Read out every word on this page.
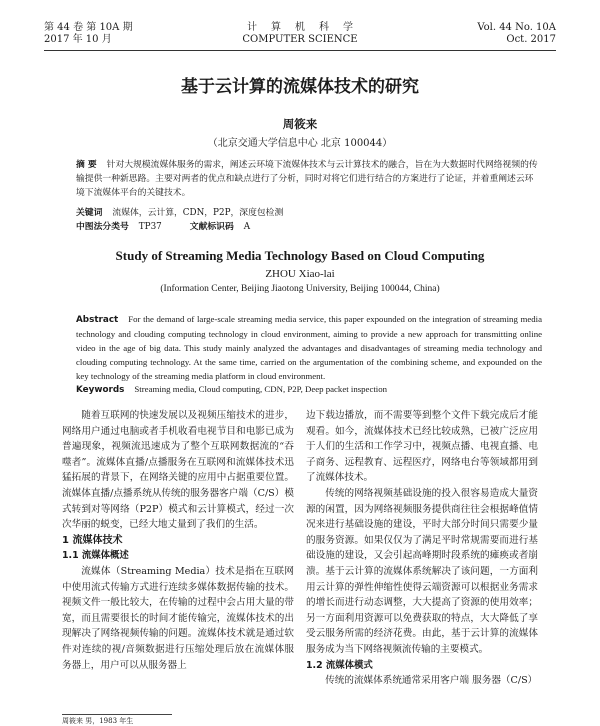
第 44 卷 第 10A 期
2017 年 10 月
计算机科学
COMPUTER SCIENCE
Vol. 44 No. 10A
Oct. 2017
基于云计算的流媒体技术的研究
周筱来
（北京交通大学信息中心 北京 100044）
摘 要 针对大规模流媒体服务的需求，阐述云环境下流媒体技术与云计算技术的融合，旨在为大数据时代网络视频的传输提供一种新思路。主要对两者的优点和缺点进行了分析，同时对将它们进行结合的方案进行了论证，并着重阐述云环境下流媒体平台的关键技术。
关键词 流媒体，云计算，CDN，P2P，深度包检测
中图法分类号 TP37	文献标识码 A
Study of Streaming Media Technology Based on Cloud Computing
ZHOU Xiao-lai
(Information Center, Beijing Jiaotong University, Beijing 100044, China)
Abstract For the demand of large-scale streaming media service, this paper expounded on the integration of streaming media technology and clouding computing technology in cloud environment, aiming to provide a new approach for transmitting online video in the age of big data. This study mainly analyzed the advantages and disadvantages of streaming media technology and clouding computing technology. At the same time, carried on the argumentation of the combining scheme, and expounded on the key technology of the streaming media platform in cloud environment.
Keywords Streaming media, Cloud computing, CDN, P2P, Deep packet inspection

随着互联网的快速发展以及视频压缩技术的进步，网络用户通过电脑或者手机收看电视节目和电影已成为普遍现象，视频流迅速成为了整个互联网数据流的“吞噬者”。流媒体直播/点播服务在互联网和流媒体技术迅猛拓展的背景下，在网络关键的应用中占据重要位置。流媒体直播/点播系统从传统的服务器客户端（C/S）模式转到对等网络（P2P）模式和云计算模式，经过一次次华丽的蜕变，已经大地丈量到了我们的生活。

1 流媒体技术

1.1 流媒体概述

流媒体（Streaming Media）技术是指在互联网中使用流式传输方式进行连续多媒体数据传输的技术。视频文件一般比较大，在传输的过程中会占用大量的带宽，而且需要很长的时间才能传输完，流媒体技术的出现解决了网络视频传输的问题。流媒体技术就是通过软件对连续的视/音频数据进行压缩处理后放在流媒体服务器上，用户可以从服务器上

边下载边播放，而不需要等到整个文件下载完成后才能观看。如今，流媒体技术已经比较成熟，已被广泛应用于人们的生活和工作学习中，视频点播、电视直播、电子商务、远程教育、远程医疗，网络电台等领域都用到了流媒体技术。

传统的网络视频基础设施的投入很容易造成大量资源的闲置，因为网络视频服务提供商往往会根据峰值情况来进行基础设施的建设，平时大部分时间只需要少量的服务资源。如果仅仅为了满足平时常规需要而进行基础设施的建设，又会引起高峰期时段系统的瘫痪或者崩溃。基于云计算的流媒体系统解决了该问题，一方面利用云计算的弹性伸缩性使得云端资源可以根据业务需求的增长而进行动态调整，大大提高了资源的使用效率；另一方面利用资源可以免费获取的特点，大大降低了享受云服务所需的经济花费。由此，基于云计算的流媒体服务成为当下网络视频流传输的主要模式。

1.2 流媒体模式

传统的流媒体系统通常采用客户端 服务器（C/S）

周筱来 男，1983 年生
